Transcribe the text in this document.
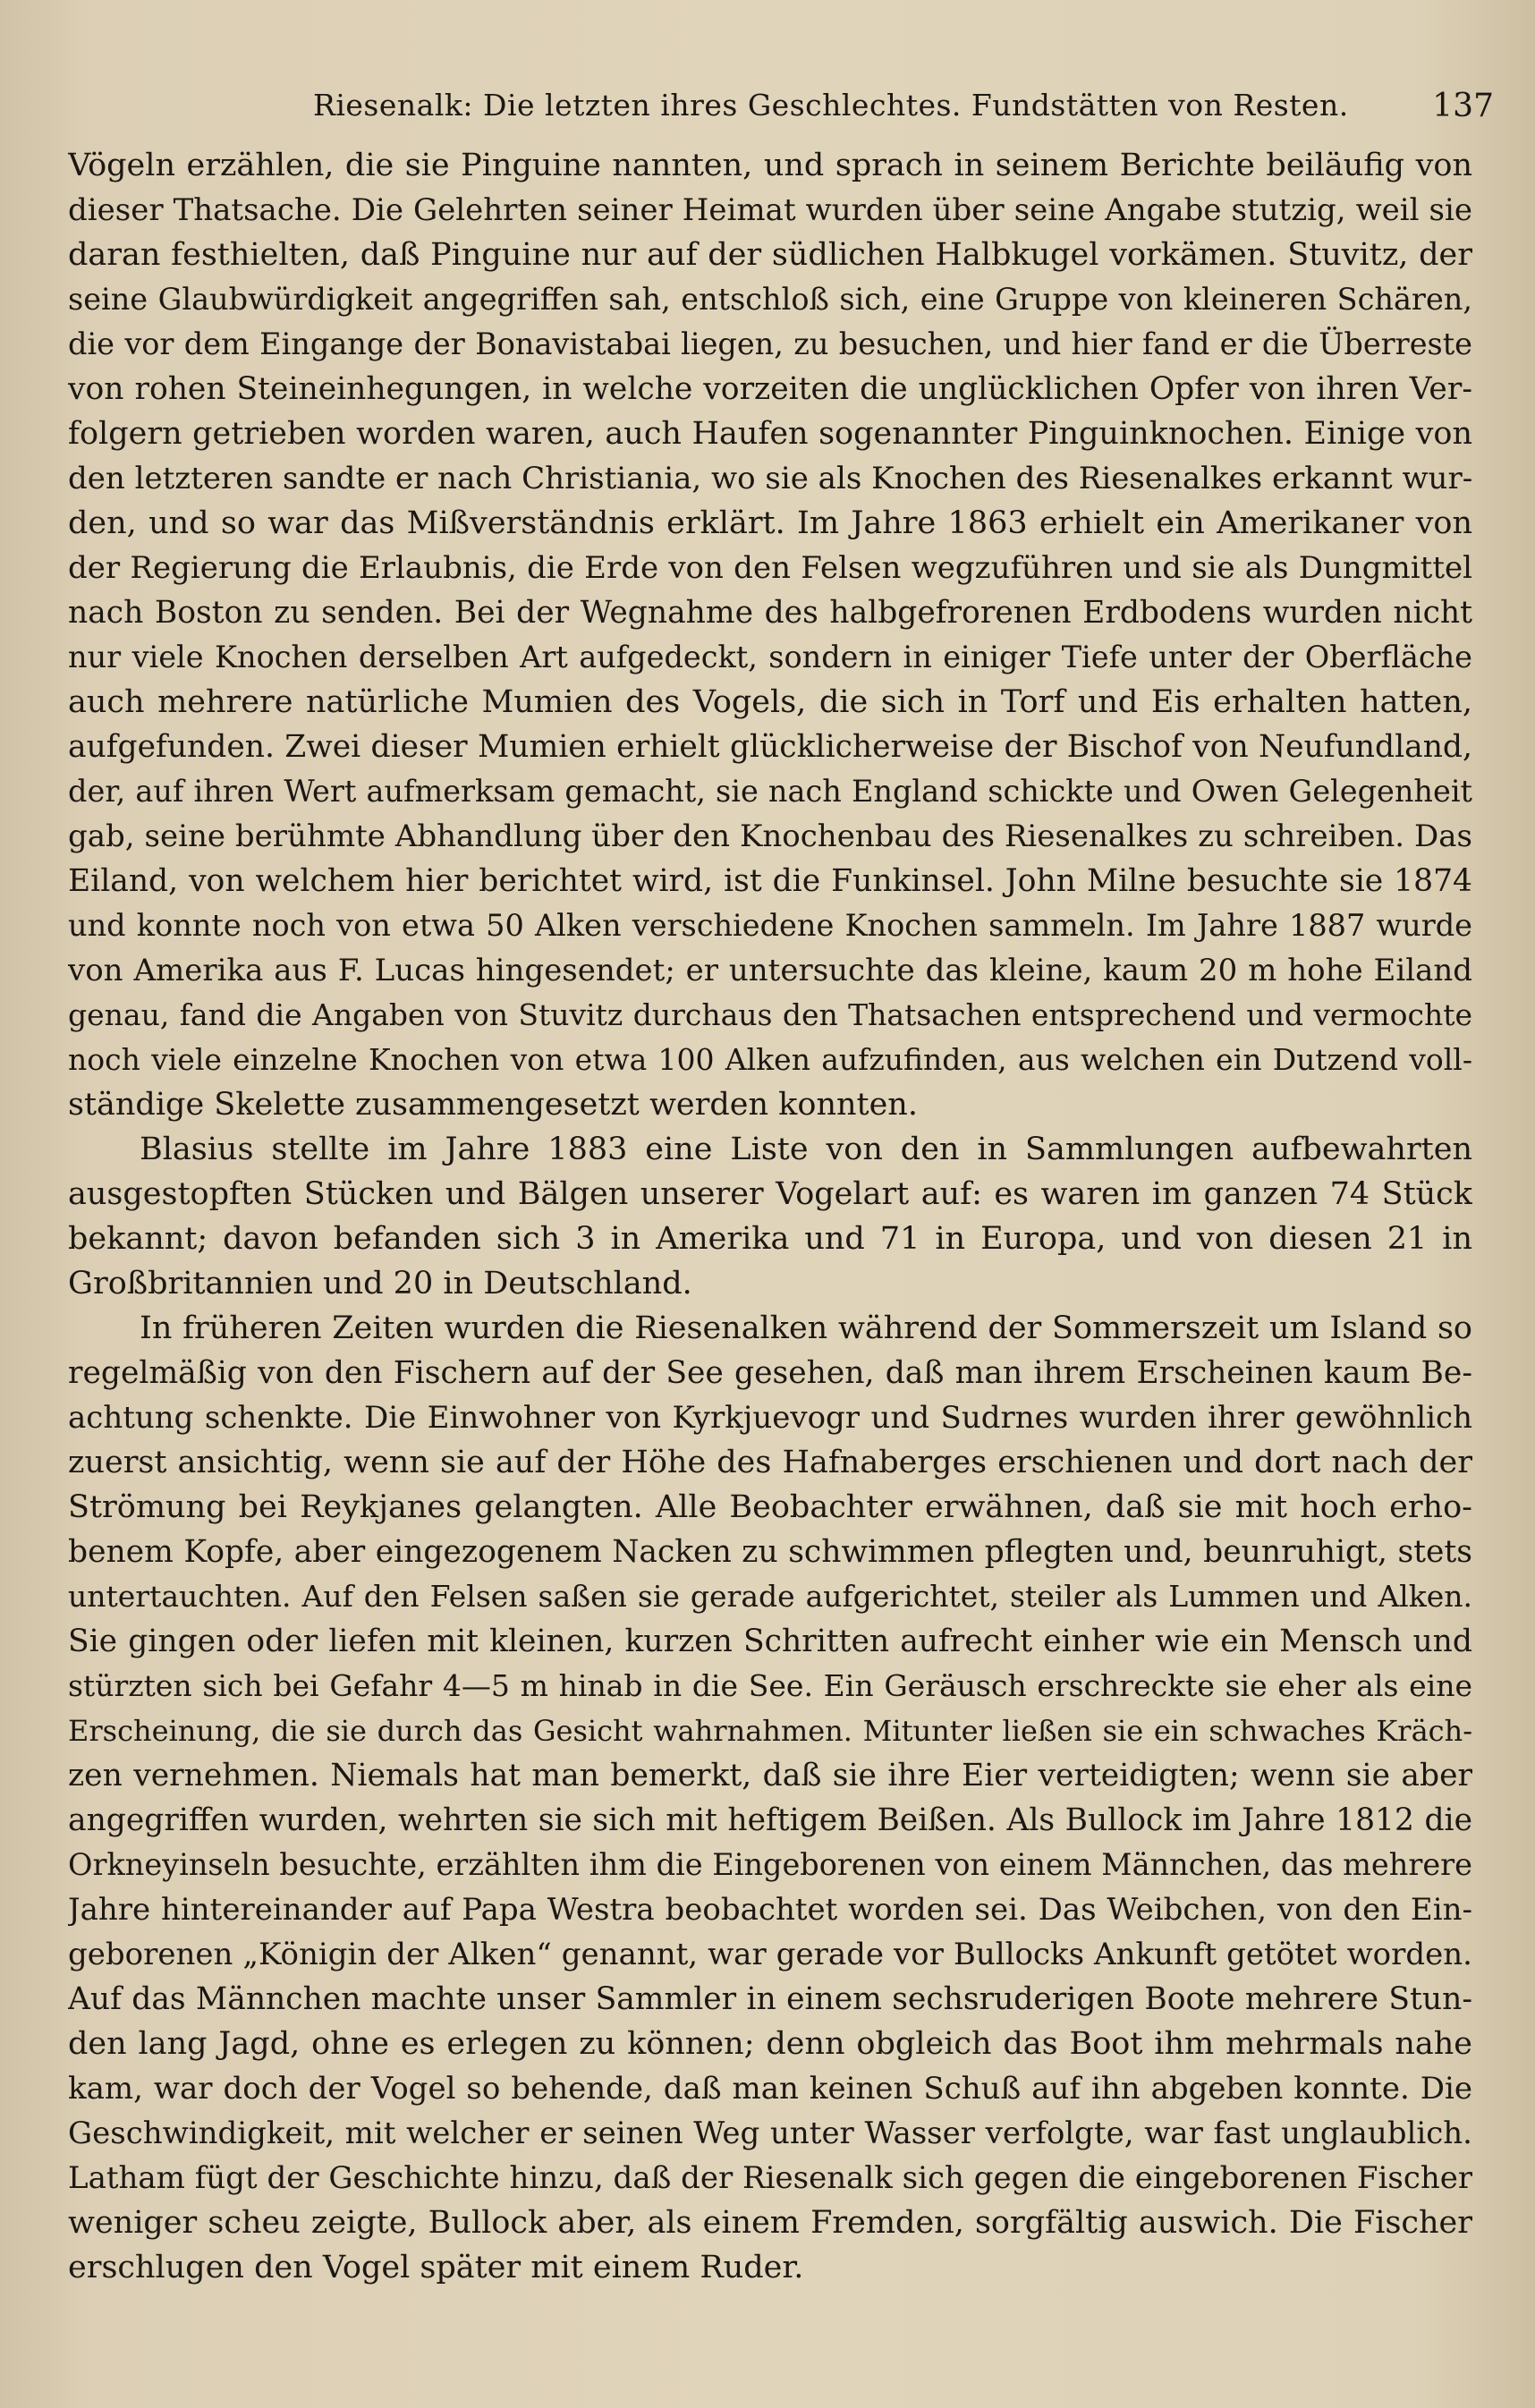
Riesenalk: Die letzten ihres Geschlechtes. Fundstätten von Resten.	137
Vögeln erzählen, die sie Pinguine nannten, und sprach in seinem Berichte beiläufig von
dieser Thatsache. Die Gelehrten seiner Heimat wurden über seine Angabe stutzig, weil sie
daran festhielten, daß Pinguine nur auf der südlichen Halbkugel vorkämen. Stuvitz, der
seine Glaubwürdigkeit angegriffen sah, entschloß sich, eine Gruppe von kleineren Schären,
die vor dem Eingange der Bonavistabai liegen, zu besuchen, und hier fand er die Überreste
von rohen Steineinhegungen, in welche vorzeiten die unglücklichen Opfer von ihren Ver-
folgern getrieben worden waren, auch Haufen sogenannter Pinguinknochen. Einige von
den letzteren sandte er nach Christiania, wo sie als Knochen des Riesenalkes erkannt wur-
den, und so war das Mißverständnis erklärt. Im Jahre 1863 erhielt ein Amerikaner von
der Regierung die Erlaubnis, die Erde von den Felsen wegzuführen und sie als Dungmittel
nach Boston zu senden. Bei der Wegnahme des halbgefrorenen Erdbodens wurden nicht
nur viele Knochen derselben Art aufgedeckt, sondern in einiger Tiefe unter der Oberfläche
auch mehrere natürliche Mumien des Vogels, die sich in Torf und Eis erhalten hatten,
aufgefunden. Zwei dieser Mumien erhielt glücklicherweise der Bischof von Neufundland,
der, auf ihren Wert aufmerksam gemacht, sie nach England schickte und Owen Gelegenheit
gab, seine berühmte Abhandlung über den Knochenbau des Riesenalkes zu schreiben. Das
Eiland, von welchem hier berichtet wird, ist die Funkinsel. John Milne besuchte sie 1874
und konnte noch von etwa 50 Alken verschiedene Knochen sammeln. Im Jahre 1887 wurde
von Amerika aus F. Lucas hingesendet; er untersuchte das kleine, kaum 20 m hohe Eiland
genau, fand die Angaben von Stuvitz durchaus den Thatsachen entsprechend und vermochte
noch viele einzelne Knochen von etwa 100 Alken aufzufinden, aus welchen ein Dutzend voll-
ständige Skelette zusammengesetzt werden konnten.
Blasius stellte im Jahre 1883 eine Liste von den in Sammlungen aufbewahrten
ausgestopften Stücken und Bälgen unserer Vogelart auf: es waren im ganzen 74 Stück
bekannt; davon befanden sich 3 in Amerika und 71 in Europa, und von diesen 21 in
Großbritannien und 20 in Deutschland.
In früheren Zeiten wurden die Riesenalken während der Sommerszeit um Island so
regelmäßig von den Fischern auf der See gesehen, daß man ihrem Erscheinen kaum Be-
achtung schenkte. Die Einwohner von Kyrkjuevogr und Sudrnes wurden ihrer gewöhnlich
zuerst ansichtig, wenn sie auf der Höhe des Hafnaberges erschienen und dort nach der
Strömung bei Reykjanes gelangten. Alle Beobachter erwähnen, daß sie mit hoch erho-
benem Kopfe, aber eingezogenem Nacken zu schwimmen pflegten und, beunruhigt, stets
untertauchten. Auf den Felsen saßen sie gerade aufgerichtet, steiler als Lummen und Alken.
Sie gingen oder liefen mit kleinen, kurzen Schritten aufrecht einher wie ein Mensch und
stürzten sich bei Gefahr 4—5 m hinab in die See. Ein Geräusch erschreckte sie eher als eine
Erscheinung, die sie durch das Gesicht wahrnahmen. Mitunter ließen sie ein schwaches Kräch-
zen vernehmen. Niemals hat man bemerkt, daß sie ihre Eier verteidigten; wenn sie aber
angegriffen wurden, wehrten sie sich mit heftigem Beißen. Als Bullock im Jahre 1812 die
Orkneyinseln besuchte, erzählten ihm die Eingeborenen von einem Männchen, das mehrere
Jahre hintereinander auf Papa Westra beobachtet worden sei. Das Weibchen, von den Ein-
geborenen „Königin der Alken“ genannt, war gerade vor Bullocks Ankunft getötet worden.
Auf das Männchen machte unser Sammler in einem sechsruderigen Boote mehrere Stun-
den lang Jagd, ohne es erlegen zu können; denn obgleich das Boot ihm mehrmals nahe
kam, war doch der Vogel so behende, daß man keinen Schuß auf ihn abgeben konnte. Die
Geschwindigkeit, mit welcher er seinen Weg unter Wasser verfolgte, war fast unglaublich.
Latham fügt der Geschichte hinzu, daß der Riesenalk sich gegen die eingeborenen Fischer
weniger scheu zeigte, Bullock aber, als einem Fremden, sorgfältig auswich. Die Fischer
erschlugen den Vogel später mit einem Ruder.
